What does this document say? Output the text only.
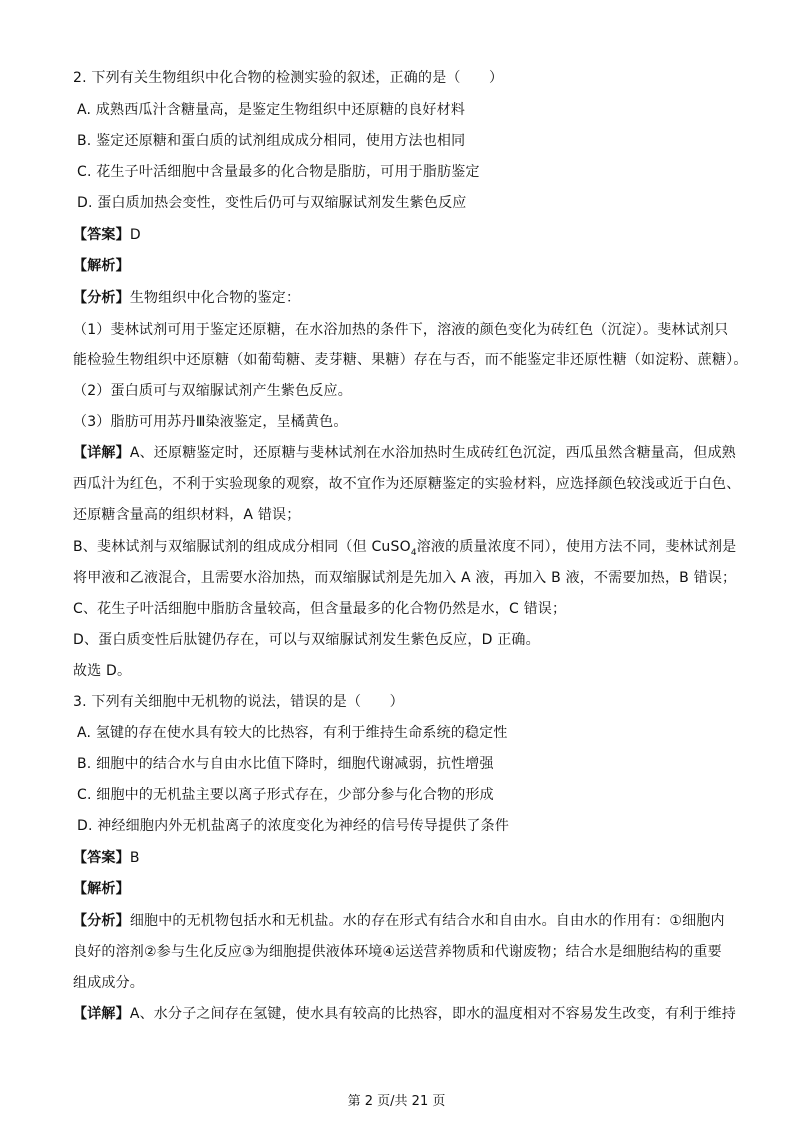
2. 下列有关生物组织中化合物的检测实验的叙述，正确的是（　　）
A. 成熟西瓜汁含糖量高，是鉴定生物组织中还原糖的良好材料
B. 鉴定还原糖和蛋白质的试剂组成成分相同，使用方法也相同
C. 花生子叶活细胞中含量最多的化合物是脂肪，可用于脂肪鉴定
D. 蛋白质加热会变性，变性后仍可与双缩脲试剂发生紫色反应
【答案】D
【解析】
【分析】生物组织中化合物的鉴定：
（1）斐林试剂可用于鉴定还原糖，在水浴加热的条件下，溶液的颜色变化为砖红色（沉淀）。斐林试剂只
能检验生物组织中还原糖（如葡萄糖、麦芽糖、果糖）存在与否，而不能鉴定非还原性糖（如淀粉、蔗糖）。
（2）蛋白质可与双缩脲试剂产生紫色反应。
（3）脂肪可用苏丹Ⅲ染液鉴定，呈橘黄色。
【详解】A、还原糖鉴定时，还原糖与斐林试剂在水浴加热时生成砖红色沉淀，西瓜虽然含糖量高，但成熟
西瓜汁为红色，不利于实验现象的观察，故不宜作为还原糖鉴定的实验材料，应选择颜色较浅或近于白色、
还原糖含量高的组织材料，A 错误；
B、斐林试剂与双缩脲试剂的组成成分相同（但 CuSO$_4$溶液的质量浓度不同），使用方法不同，斐林试剂是
将甲液和乙液混合，且需要水浴加热，而双缩脲试剂是先加入 A 液，再加入 B 液，不需要加热，B 错误；
C、花生子叶活细胞中脂肪含量较高，但含量最多的化合物仍然是水，C 错误；
D、蛋白质变性后肽键仍存在，可以与双缩脲试剂发生紫色反应，D 正确。
故选 D。
3. 下列有关细胞中无机物的说法，错误的是（　　）
A. 氢键的存在使水具有较大的比热容，有利于维持生命系统的稳定性
B. 细胞中的结合水与自由水比值下降时，细胞代谢减弱，抗性增强
C. 细胞中的无机盐主要以离子形式存在，少部分参与化合物的形成
D. 神经细胞内外无机盐离子的浓度变化为神经的信号传导提供了条件
【答案】B
【解析】
【分析】细胞中的无机物包括水和无机盐。水的存在形式有结合水和自由水。自由水的作用有：①细胞内
良好的溶剂②参与生化反应③为细胞提供液体环境④运送营养物质和代谢废物；结合水是细胞结构的重要
组成成分。
【详解】A、水分子之间存在氢键，使水具有较高的比热容，即水的温度相对不容易发生改变，有利于维持
第 2 页/共 21 页
